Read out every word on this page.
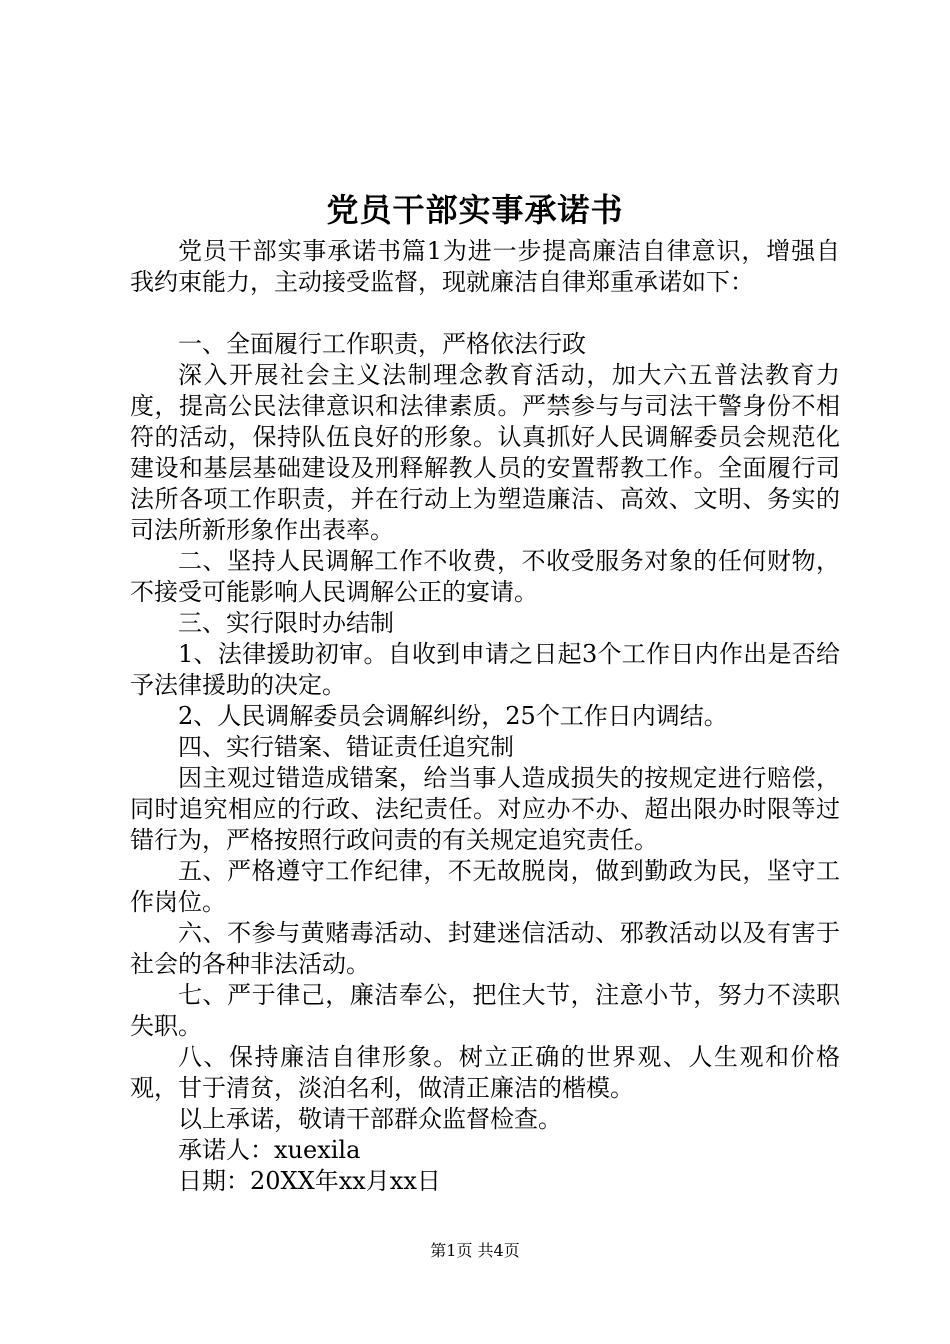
党员干部实事承诺书

党员干部实事承诺书篇1为进一步提高廉洁自律意识，增强自我约束能力，主动接受监督，现就廉洁自律郑重承诺如下：

一、全面履行工作职责，严格依法行政

深入开展社会主义法制理念教育活动，加大六五普法教育力度，提高公民法律意识和法律素质。严禁参与与司法干警身份不相符的活动，保持队伍良好的形象。认真抓好人民调解委员会规范化建设和基层基础建设及刑释解教人员的安置帮教工作。全面履行司法所各项工作职责，并在行动上为塑造廉洁、高效、文明、务实的司法所新形象作出表率。

二、坚持人民调解工作不收费，不收受服务对象的任何财物，不接受可能影响人民调解公正的宴请。

三、实行限时办结制

1、法律援助初审。自收到申请之日起3个工作日内作出是否给予法律援助的决定。

2、人民调解委员会调解纠纷，25个工作日内调结。

四、实行错案、错证责任追究制

因主观过错造成错案，给当事人造成损失的按规定进行赔偿，同时追究相应的行政、法纪责任。对应办不办、超出限办时限等过错行为，严格按照行政问责的有关规定追究责任。

五、严格遵守工作纪律，不无故脱岗，做到勤政为民，坚守工作岗位。

六、不参与黄赌毒活动、封建迷信活动、邪教活动以及有害于社会的各种非法活动。

七、严于律己，廉洁奉公，把住大节，注意小节，努力不渎职失职。

八、保持廉洁自律形象。树立正确的世界观、人生观和价格观，甘于清贫，淡泊名利，做清正廉洁的楷模。

以上承诺，敬请干部群众监督检查。

承诺人：xuexila

日期：20XX年xx月xx日

第1页 共4页
